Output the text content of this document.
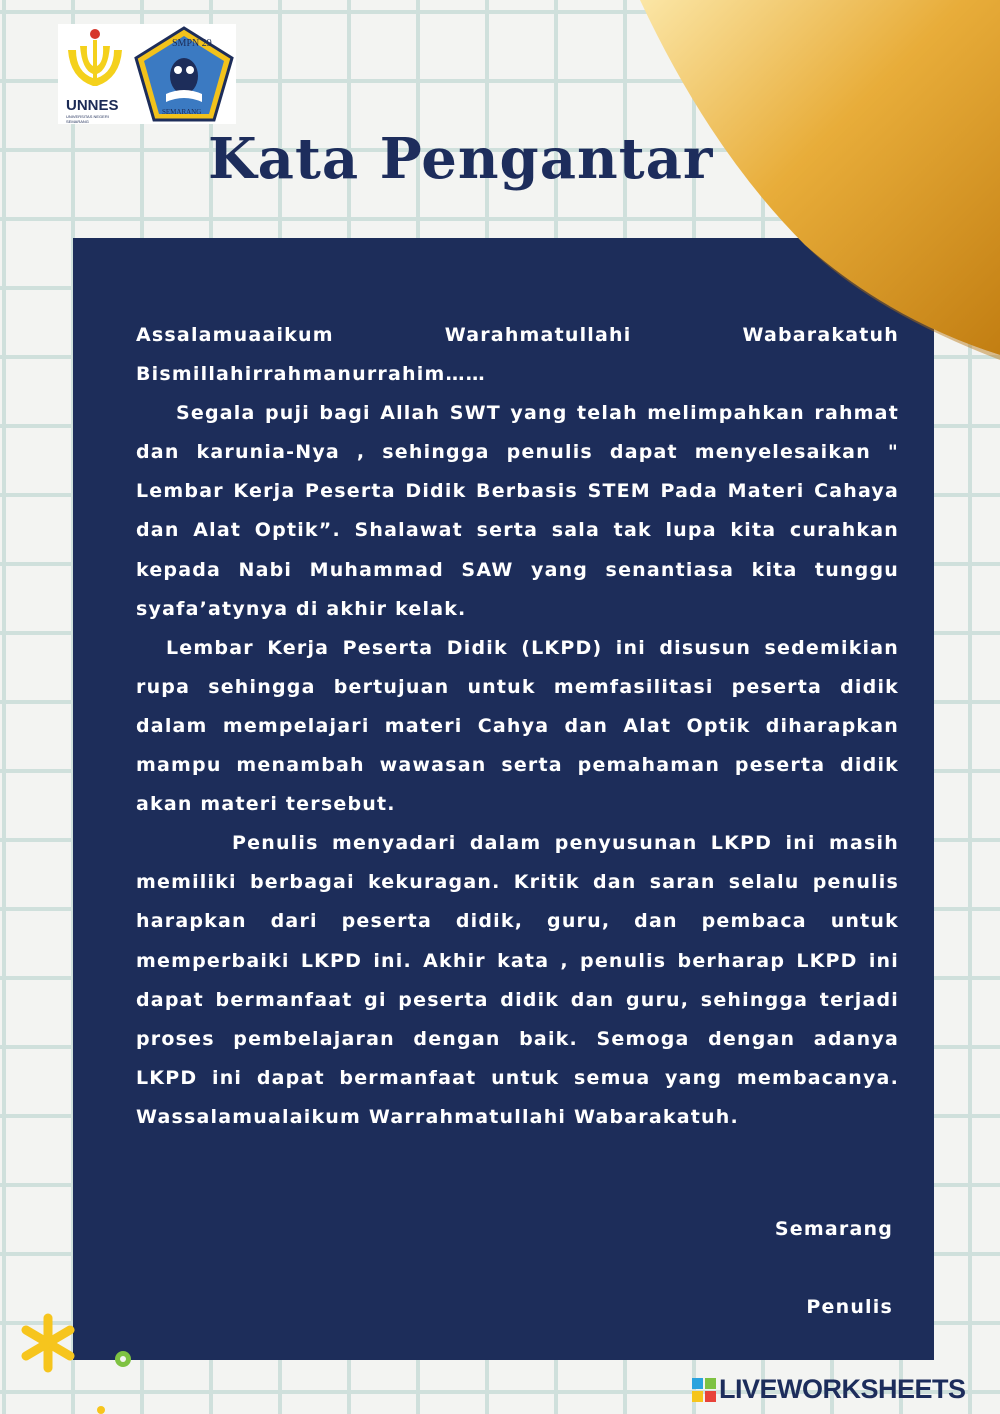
UNNES
UNIVERSITAS NEGERI SEMARANG
SMPN 29
SEMARANG
Kata Pengantar

Assalamuaaikum	Warahmatullahi	Wabarakatuh

Bismillahirrahmanurrahim……

Segala puji bagi Allah SWT yang telah melimpahkan rahmat dan karunia-Nya , sehingga penulis dapat menyelesaikan " Lembar Kerja Peserta Didik Berbasis STEM Pada Materi Cahaya dan Alat Optik”. Shalawat serta sala tak lupa kita curahkan kepada Nabi Muhammad SAW yang senantiasa kita tunggu syafa’atynya di akhir kelak.

Lembar Kerja Peserta Didik (LKPD) ini disusun sedemikian rupa sehingga bertujuan untuk memfasilitasi peserta didik dalam mempelajari materi Cahya dan Alat Optik diharapkan mampu menambah wawasan serta pemahaman peserta didik akan materi tersebut.

Penulis menyadari dalam penyusunan LKPD ini masih memiliki berbagai kekuragan. Kritik dan saran selalu penulis harapkan dari peserta didik, guru, dan pembaca untuk memperbaiki LKPD ini. Akhir kata , penulis berharap LKPD ini dapat bermanfaat gi peserta didik dan guru, sehingga terjadi proses pembelajaran dengan baik. Semoga dengan adanya LKPD ini dapat bermanfaat untuk semua yang membacanya. Wassalamualaikum Warrahmatullahi Wabarakatuh.

Semarang
Penulis
LIVEWORKSHEETS
